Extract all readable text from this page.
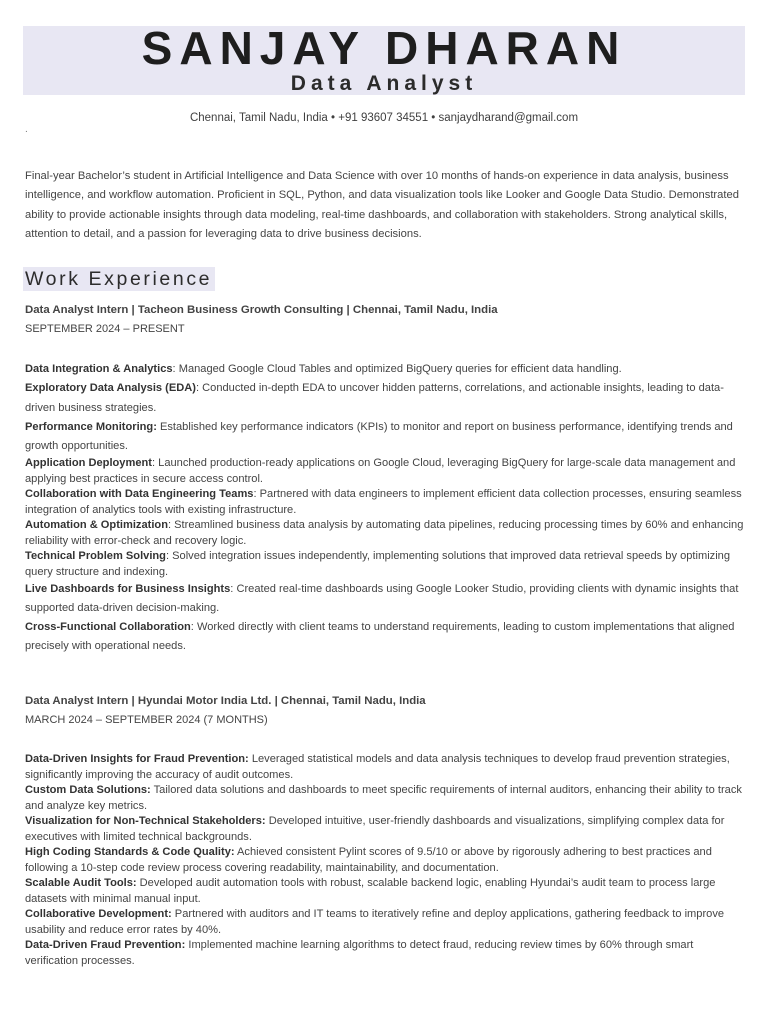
SANJAY DHARAN
Data Analyst
Chennai, Tamil Nadu, India • +91 93607 34551 • sanjaydharand@gmail.com
.
Final-year Bachelor’s student in Artificial Intelligence and Data Science with over 10 months of hands-on experience in data analysis, business intelligence, and workflow automation. Proficient in SQL, Python, and data visualization tools like Looker and Google Data Studio. Demonstrated ability to provide actionable insights through data modeling, real-time dashboards, and collaboration with stakeholders. Strong analytical skills, attention to detail, and a passion for leveraging data to drive business decisions.
Work Experience
Data Analyst Intern | Tacheon Business Growth Consulting | Chennai, Tamil Nadu, India
SEPTEMBER 2024 – PRESENT
Data Integration & Analytics: Managed Google Cloud Tables and optimized BigQuery queries for efficient data handling.
Exploratory Data Analysis (EDA): Conducted in-depth EDA to uncover hidden patterns, correlations, and actionable insights, leading to data-driven business strategies.
Performance Monitoring: Established key performance indicators (KPIs) to monitor and report on business performance, identifying trends and growth opportunities.
Application Deployment: Launched production-ready applications on Google Cloud, leveraging BigQuery for large-scale data management and applying best practices in secure access control.
Collaboration with Data Engineering Teams: Partnered with data engineers to implement efficient data collection processes, ensuring seamless integration of analytics tools with existing infrastructure.
Automation & Optimization: Streamlined business data analysis by automating data pipelines, reducing processing times by 60% and enhancing reliability with error-check and recovery logic.
Technical Problem Solving: Solved integration issues independently, implementing solutions that improved data retrieval speeds by optimizing query structure and indexing.
Live Dashboards for Business Insights: Created real-time dashboards using Google Looker Studio, providing clients with dynamic insights that supported data-driven decision-making.
Cross-Functional Collaboration: Worked directly with client teams to understand requirements, leading to custom implementations that aligned precisely with operational needs.
Data Analyst Intern | Hyundai Motor India Ltd. | Chennai, Tamil Nadu, India
MARCH 2024 – SEPTEMBER 2024 (7 MONTHS)
Data-Driven Insights for Fraud Prevention: Leveraged statistical models and data analysis techniques to develop fraud prevention strategies, significantly improving the accuracy of audit outcomes.
Custom Data Solutions: Tailored data solutions and dashboards to meet specific requirements of internal auditors, enhancing their ability to track and analyze key metrics.
Visualization for Non-Technical Stakeholders: Developed intuitive, user-friendly dashboards and visualizations, simplifying complex data for executives with limited technical backgrounds.
High Coding Standards & Code Quality: Achieved consistent Pylint scores of 9.5/10 or above by rigorously adhering to best practices and following a 10-step code review process covering readability, maintainability, and documentation.
Scalable Audit Tools: Developed audit automation tools with robust, scalable backend logic, enabling Hyundai’s audit team to process large datasets with minimal manual input.
Collaborative Development: Partnered with auditors and IT teams to iteratively refine and deploy applications, gathering feedback to improve usability and reduce error rates by 40%.
Data-Driven Fraud Prevention: Implemented machine learning algorithms to detect fraud, reducing review times by 60% through smart verification processes.
